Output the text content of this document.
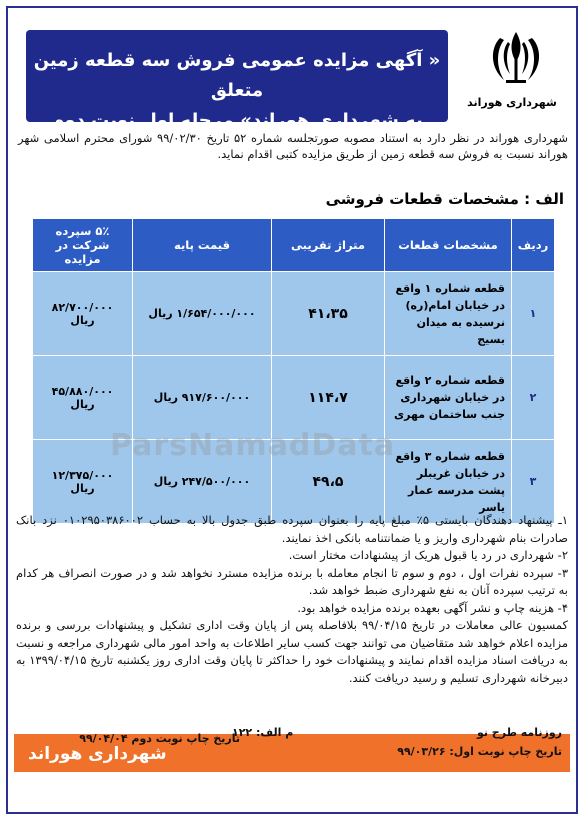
« آگهی مزایده عمومی فروش سه قطعه زمین متعلق
به شهرداری هوراند» مرحله اول نوبت دوم
شهرداری هوراند
شهرداری هوراند در نظر دارد به استناد مصوبه صورتجلسه شماره ۵۲ تاریخ ۹۹/۰۲/۳۰ شورای محترم اسلامی شهر هوراند نسبت به فروش سه قطعه زمین از طریق مزایده کتبی اقدام نماید.
الف : مشخصات قطعات فروشی
ردیف	مشخصات قطعات	متراژ تقریبی	قیمت پایه	۵٪ سپرده شرکت در مزایده
۱	قطعه شماره ۱ واقع در خیابان امام(ره) نرسیده به میدان بسیج	۴۱،۳۵	۱/۶۵۴/۰۰۰/۰۰۰ ریال	۸۲/۷۰۰/۰۰۰ ریال
۲	قطعه شماره ۲ واقع در خیابان شهرداری جنب ساختمان مهری	۱۱۴،۷	۹۱۷/۶۰۰/۰۰۰ ریال	۴۵/۸۸۰/۰۰۰ ریال
۳	قطعه شماره ۳ واقع در خیابان غریبلر پشت مدرسه عمار یاسر	۴۹،۵	۲۴۷/۵۰۰/۰۰۰ ریال	۱۲/۳۷۵/۰۰۰ ریال
ParsNamadData

۱ـ پیشنهاد دهندگان بایستی ۵٪ مبلغ پایه را بعنوان سپرده طبق جدول بالا به حساب ۰۱۰۲۹۵۰۳۸۶۰۰۲ نزد بانک صادرات بنام شهرداری واریز و یا ضمانتنامه بانکی اخذ نمایند.

۲- شهرداری در رد یا قبول هریک از پیشنهادات مختار است.

۳- سپرده نفرات اول ، دوم و سوم تا انجام معامله با برنده مزایده مسترد نخواهد شد و در صورت انصراف هر کدام به ترتیب سپرده آنان به نفع شهرداری ضبط خواهد شد.

۴- هزینه چاپ و نشر آگهی بعهده برنده مزایده خواهد بود.

کمسیون عالی معاملات در تاریخ ۹۹/۰۴/۱۵ بلافاصله پس از پایان وقت اداری تشکیل و پیشنهادات بررسی و برنده مزایده اعلام خواهد شد متقاضیان می توانند جهت کسب سایر اطلاعات به واحد امور مالی شهرداری مراجعه و نسبت به دریافت اسناد مزایده اقدام نمایند و پیشنهادات خود را حداکثر تا پایان وقت اداری روز یکشنبه تاریخ ۱۳۹۹/۰۴/۱۵ به دبیرخانه شهرداری تسلیم و رسید دریافت کنند.

شهرداری هوراند
روزنامه طرح نو
م الف: ۱۲۲
تاریخ چاپ نوبت اول: ۹۹/۰۳/۲۶
تاریخ چاپ نوبت دوم ۹۹/۰۴/۰۴
